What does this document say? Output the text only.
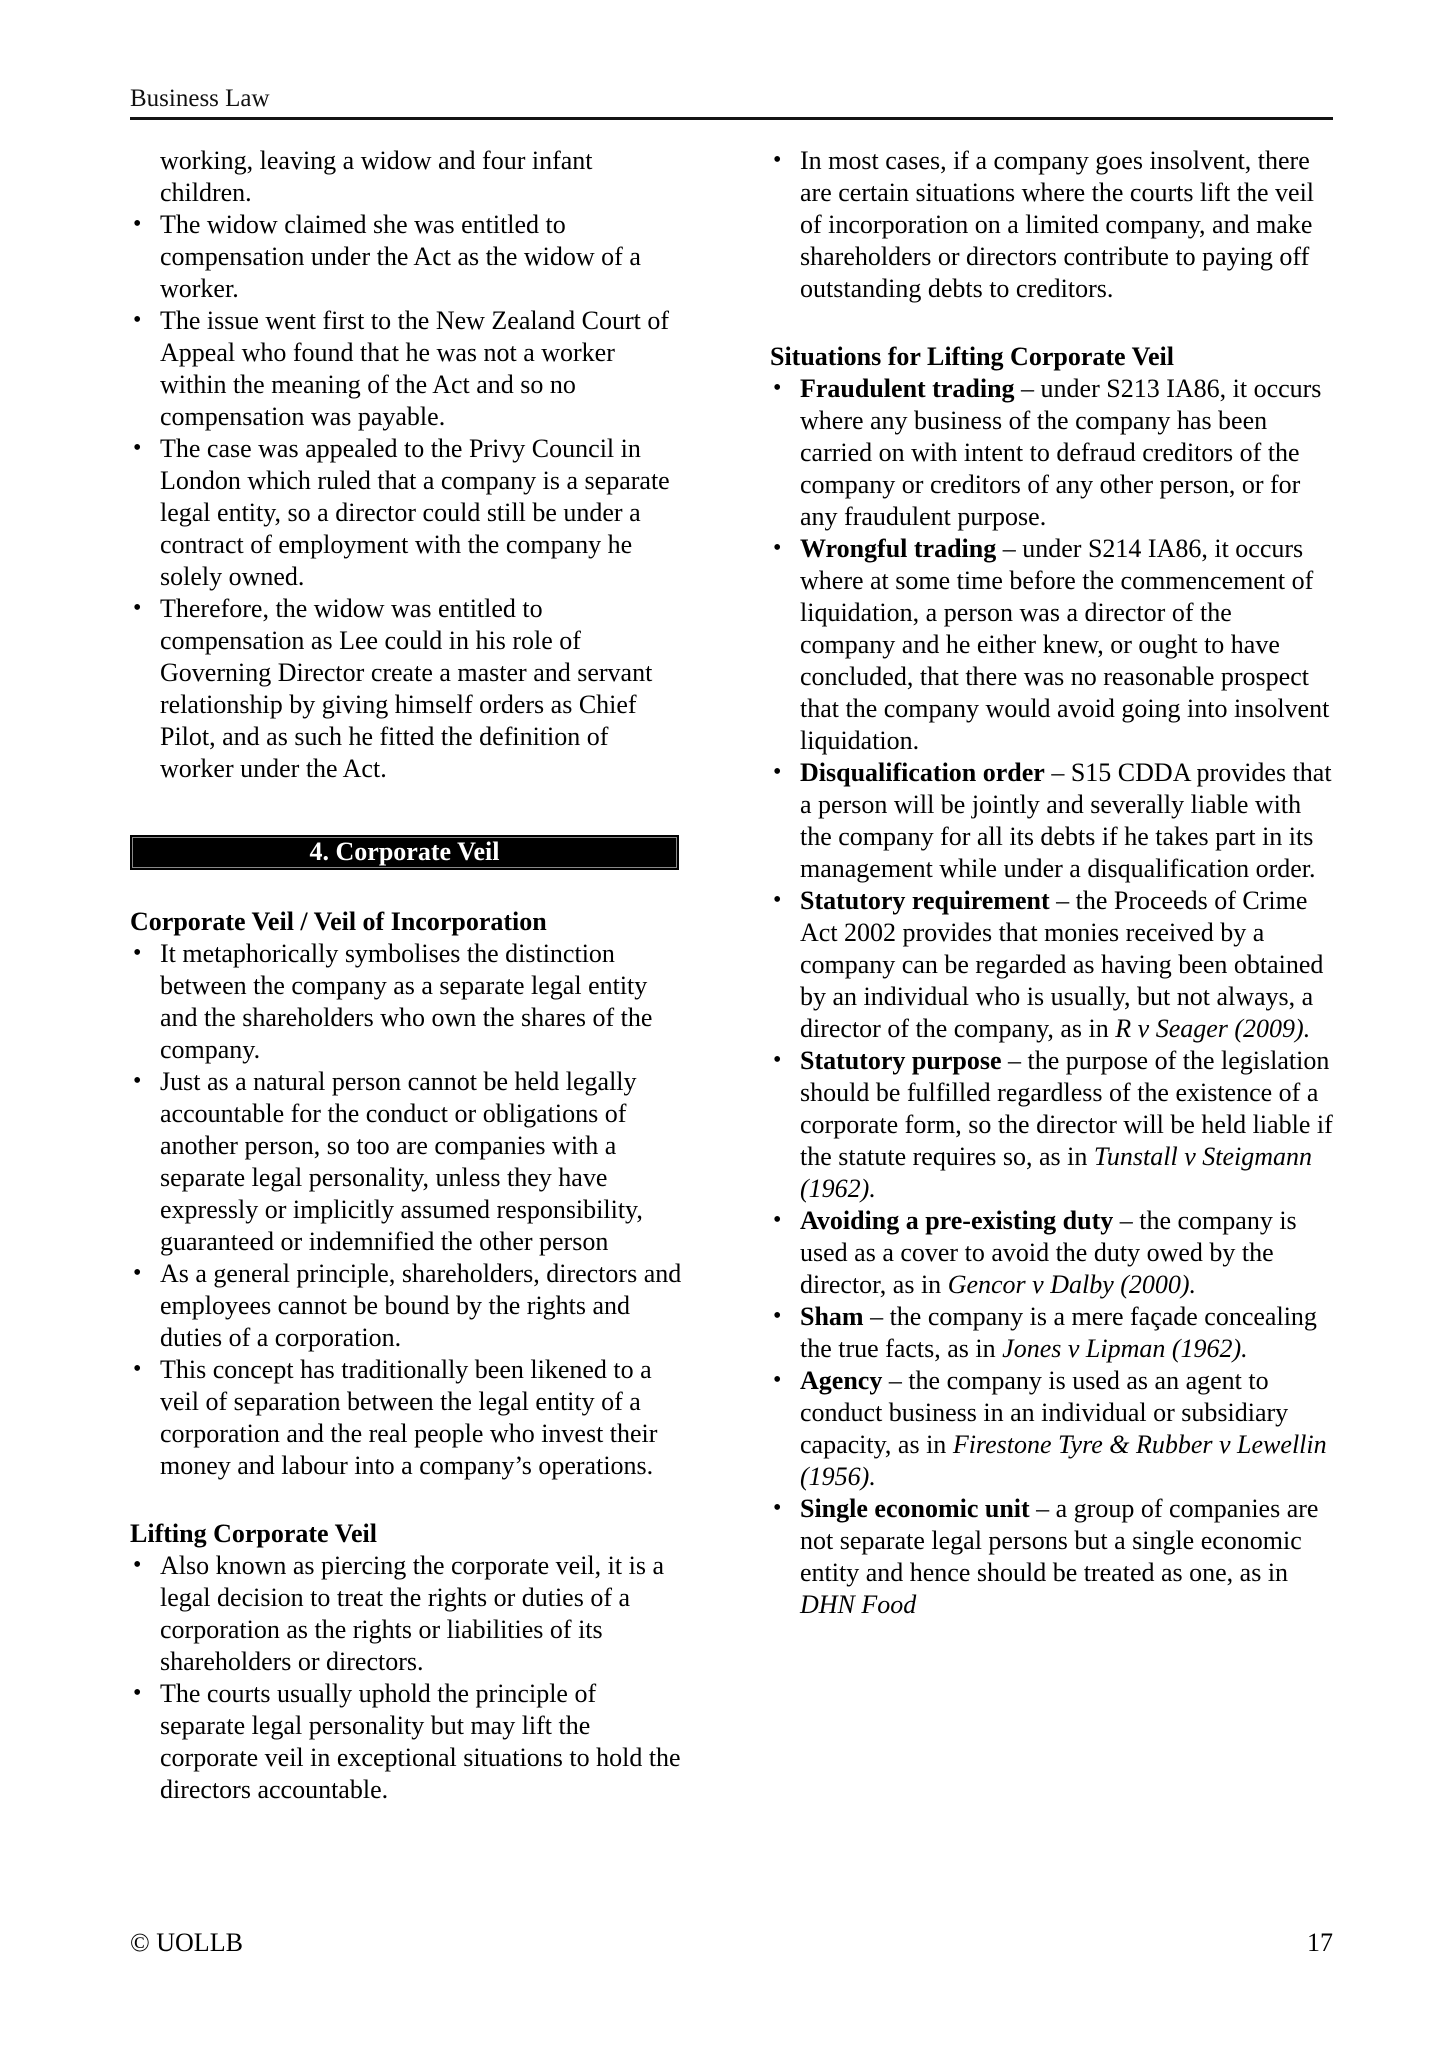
Business Law
working, leaving a widow and four infant children.
• The widow claimed she was entitled to compensation under the Act as the widow of a worker.
• The issue went first to the New Zealand Court of Appeal who found that he was not a worker within the meaning of the Act and so no compensation was payable.
• The case was appealed to the Privy Council in London which ruled that a company is a separate legal entity, so a director could still be under a contract of employment with the company he solely owned.
• Therefore, the widow was entitled to compensation as Lee could in his role of Governing Director create a master and servant relationship by giving himself orders as Chief Pilot, and as such he fitted the definition of worker under the Act.
4. Corporate Veil
Corporate Veil / Veil of Incorporation
• It metaphorically symbolises the distinction between the company as a separate legal entity and the shareholders who own the shares of the company.
• Just as a natural person cannot be held legally accountable for the conduct or obligations of another person, so too are companies with a separate legal personality, unless they have expressly or implicitly assumed responsibility, guaranteed or indemnified the other person
• As a general principle, shareholders, directors and employees cannot be bound by the rights and duties of a corporation.
• This concept has traditionally been likened to a veil of separation between the legal entity of a corporation and the real people who invest their money and labour into a company’s operations.
Lifting Corporate Veil
• Also known as piercing the corporate veil, it is a legal decision to treat the rights or duties of a corporation as the rights or liabilities of its shareholders or directors.
• The courts usually uphold the principle of separate legal personality but may lift the corporate veil in exceptional situations to hold the directors accountable.
• In most cases, if a company goes insolvent, there are certain situations where the courts lift the veil of incorporation on a limited company, and make shareholders or directors contribute to paying off outstanding debts to creditors.
Situations for Lifting Corporate Veil
• Fraudulent trading – under S213 IA86, it occurs where any business of the company has been carried on with intent to defraud creditors of the company or creditors of any other person, or for any fraudulent purpose.
• Wrongful trading – under S214 IA86, it occurs where at some time before the commencement of liquidation, a person was a director of the company and he either knew, or ought to have concluded, that there was no reasonable prospect that the company would avoid going into insolvent liquidation.
• Disqualification order – S15 CDDA provides that a person will be jointly and severally liable with the company for all its debts if he takes part in its management while under a disqualification order.
• Statutory requirement – the Proceeds of Crime Act 2002 provides that monies received by a company can be regarded as having been obtained by an individual who is usually, but not always, a director of the company, as in R v Seager (2009).
• Statutory purpose – the purpose of the legislation should be fulfilled regardless of the existence of a corporate form, so the director will be held liable if the statute requires so, as in Tunstall v Steigmann (1962).
• Avoiding a pre-existing duty – the company is used as a cover to avoid the duty owed by the director, as in Gencor v Dalby (2000).
• Sham – the company is a mere façade concealing the true facts, as in Jones v Lipman (1962).
• Agency – the company is used as an agent to conduct business in an individual or subsidiary capacity, as in Firestone Tyre & Rubber v Lewellin (1956).
• Single economic unit – a group of companies are not separate legal persons but a single economic entity and hence should be treated as one, as in DHN Food
© UOLLB	17
